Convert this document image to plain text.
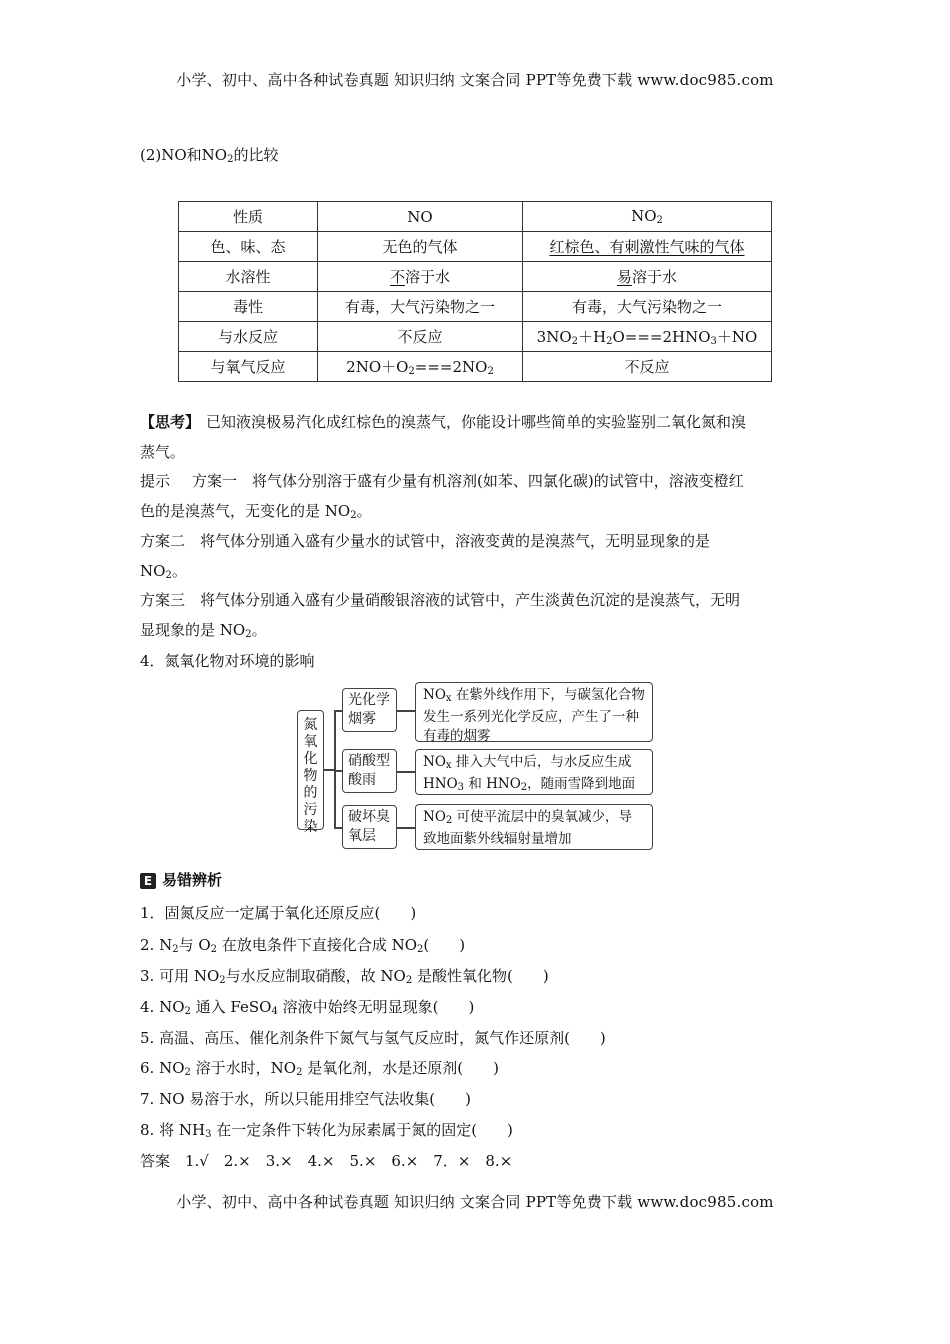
小学、初中、高中各种试卷真题 知识归纳 文案合同 PPT等免费下载 www.doc985.com
(2)NO和$NO_2$的比较
性质	NO	$NO_2$
色、味、态	无色的气体	红棕色、有刺激性气味的气体
水溶性	不溶于水	易溶于水
毒性	有毒，大气污染物之一	有毒，大气污染物之一
与水反应	不反应	$3NO_2+H_2O===2HNO_3+NO$
与氧气反应	$2NO+O_2===2NO_2$	不反应
【思考】 已知液溴极易汽化成红棕色的溴蒸气，你能设计哪些简单的实验鉴别二氧化氮和溴
蒸气。
提示 方案一　将气体分别溶于盛有少量有机溶剂(如苯、四氯化碳)的试管中，溶液变橙红
色的是溴蒸气，无变化的是 $NO_2$。
方案二　将气体分别通入盛有少量水的试管中，溶液变黄的是溴蒸气，无明显现象的是
$NO_2$。
方案三　将气体分别通入盛有少量硝酸银溶液的试管中，产生淡黄色沉淀的是溴蒸气，无明
显现象的是 $NO_2$。
4．氮氧化物对环境的影响
氮氧化物的污染
光化学烟雾
$NO_x$ 在紫外线作用下，与碳氢化合物发生一系列光化学反应，产生了一种有毒的烟雾
硝酸型酸雨
$NO_x$ 排入大气中后，与水反应生成 $HNO_3$ 和 $HNO_2$，随雨雪降到地面
破坏臭氧层
$NO_2$ 可使平流层中的臭氧减少，导致地面紫外线辐射量增加
E 易错辨析
1．固氮反应一定属于氧化还原反应(　　)
2. $N_2$与 $O_2$ 在放电条件下直接化合成 $NO_2$(　　)
3. 可用 $NO_2$与水反应制取硝酸，故 $NO_2$ 是酸性氧化物(　　)
4. $NO_2$ 通入 FeSO$_4$ 溶液中始终无明显现象(　　)
5. 高温、高压、催化剂条件下氮气与氢气反应时，氮气作还原剂(　　)
6. $NO_2$ 溶于水时，$NO_2$ 是氧化剂，水是还原剂(　　)
7. NO 易溶于水，所以只能用排空气法收集(　　)
8. 将 $NH_3$ 在一定条件下转化为尿素属于氮的固定(　　)
答案　1.√　2.×　3.×　4.×　5.×　6.×　7．×　8.×
小学、初中、高中各种试卷真题 知识归纳 文案合同 PPT等免费下载 www.doc985.com
